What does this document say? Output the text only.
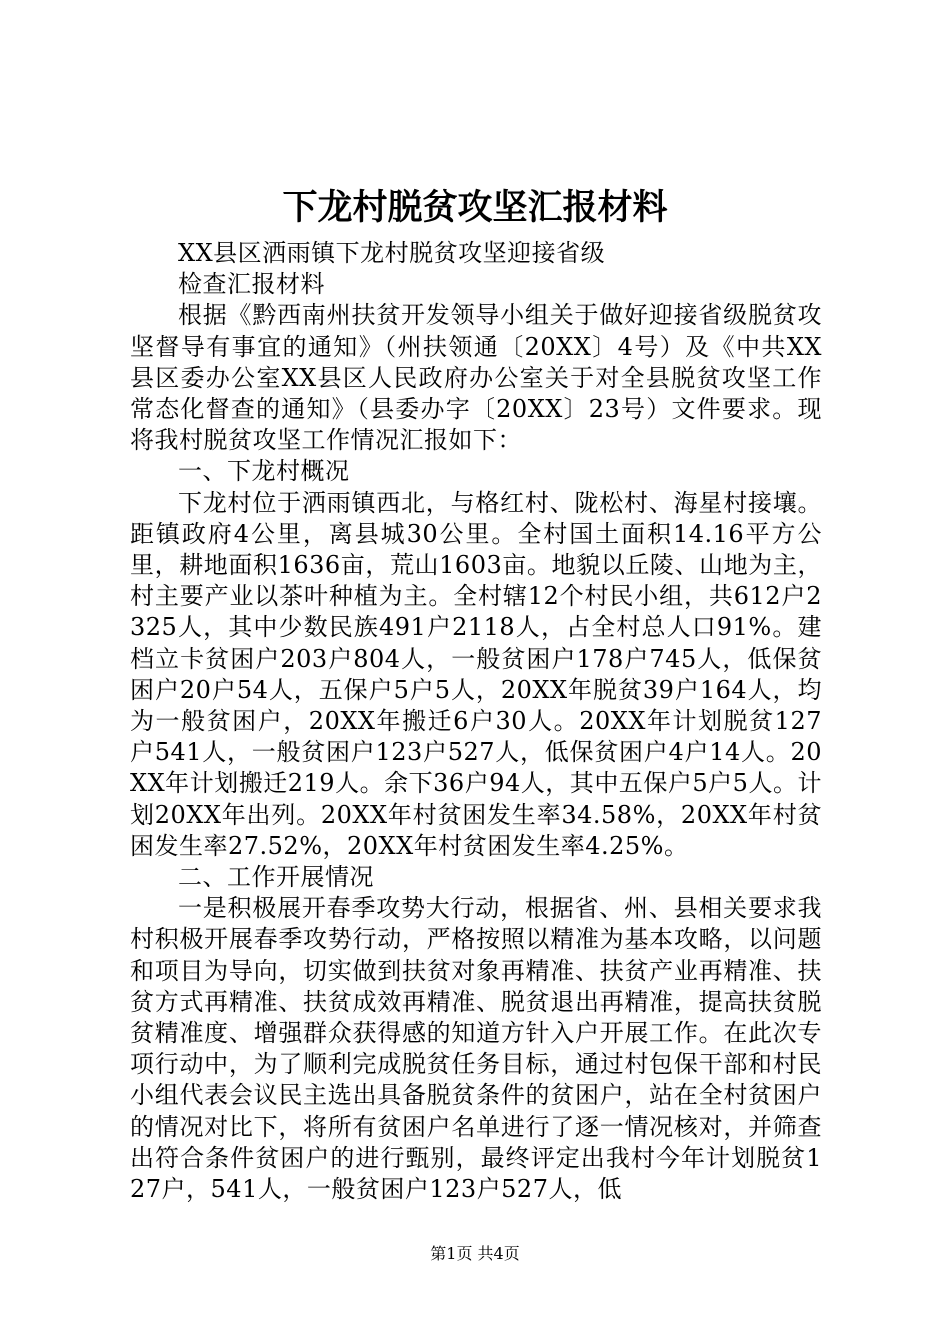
下龙村脱贫攻坚汇报材料

XX县区洒雨镇下龙村脱贫攻坚迎接省级

检查汇报材料

根据《黔西南州扶贫开发领导小组关于做好迎接省级脱贫攻坚督导有事宜的通知》（州扶领通〔20XX〕4号）及《中共XX县区委办公室XX县区人民政府办公室关于对全县脱贫攻坚工作常态化督查的通知》（县委办字〔20XX〕23号）文件要求。现将我村脱贫攻坚工作情况汇报如下：

一、下龙村概况

下龙村位于洒雨镇西北，与格红村、陇松村、海星村接壤。距镇政府4公里，离县城30公里。全村国土面积14.16平方公里，耕地面积1636亩，荒山1603亩。地貌以丘陵、山地为主，村主要产业以茶叶种植为主。全村辖12个村民小组，共612户2325人，其中少数民族491户2118人，占全村总人口91%。建档立卡贫困户203户804人，一般贫困户178户745人，低保贫困户20户54人，五保户5户5人，20XX年脱贫39户164人，均为一般贫困户，20XX年搬迁6户30人。20XX年计划脱贫127户541人，一般贫困户123户527人，低保贫困户4户14人。20XX年计划搬迁219人。余下36户94人，其中五保户5户5人。计划20XX年出列。20XX年村贫困发生率34.58%，20XX年村贫困发生率27.52%，20XX年村贫困发生率4.25%。

二、工作开展情况

一是积极展开春季攻势大行动，根据省、州、县相关要求我村积极开展春季攻势行动，严格按照以精准为基本攻略，以问题和项目为导向，切实做到扶贫对象再精准、扶贫产业再精准、扶贫方式再精准、扶贫成效再精准、脱贫退出再精准，提高扶贫脱贫精准度、增强群众获得感的知道方针入户开展工作。在此次专项行动中，为了顺利完成脱贫任务目标，通过村包保干部和村民小组代表会议民主选出具备脱贫条件的贫困户，站在全村贫困户的情况对比下，将所有贫困户名单进行了逐一情况核对，并筛查出符合条件贫困户的进行甄别，最终评定出我村今年计划脱贫127户，541人，一般贫困户123户527人，低

第1页 共4页
